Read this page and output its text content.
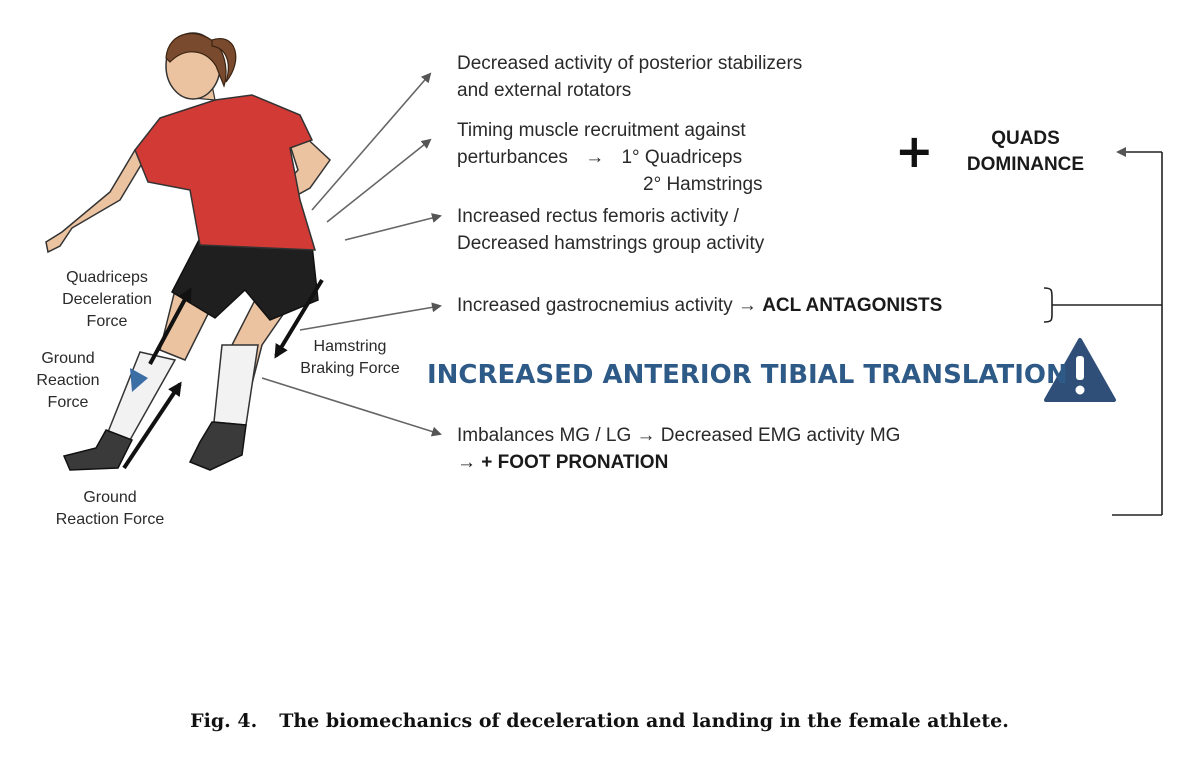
Decreased activity of posterior stabilizers
and external rotators
Timing muscle recruitment against
perturbances → 1° Quadriceps
2° Hamstrings
Increased rectus femoris activity /
Decreased hamstrings group activity
Increased gastrocnemius activity → ACL ANTAGONISTS
Imbalances MG / LG → Decreased EMG activity MG
→ + FOOT PRONATION
+	QUADS
DOMINANCE
INCREASED ANTERIOR TIBIAL TRANSLATION
Quadriceps
Deceleration
Force
Ground
Reaction
Force
Hamstring
Braking Force
Ground
Reaction Force
Fig. 4. The biomechanics of deceleration and landing in the female athlete.
